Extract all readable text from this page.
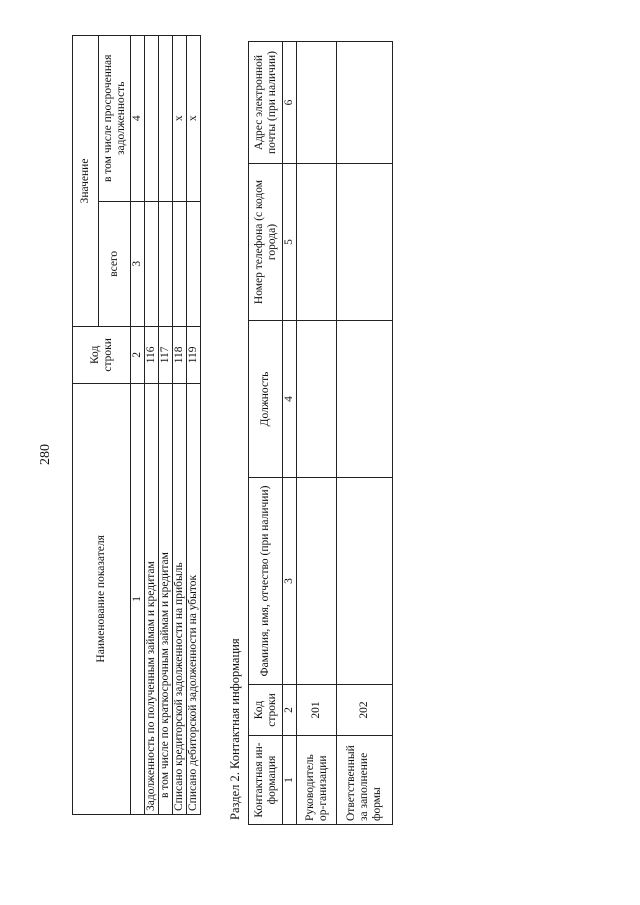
280
Наименование показателя	Код строки	Значение	
		всего	в том числе просроченная задолженность
1	2	3	4
Задолженность по полученным займам и кредитам	116		
в том числе по краткосрочным займам и кредитам	117		
Списано кредиторской задолженности на прибыль	118		x
Списано дебиторской задолженности на убыток	119		x
Раздел 2. Контактная информация Контактная ин-формация	Код строки	Фамилия, имя, отчество (при наличии)	Должность	Номер телефона (с кодом города)	Адрес электронной почты (при наличии)
1	2	3	4	5	6
Руководитель ор-ганизации	201				
Ответственный за заполнение формы	202				
